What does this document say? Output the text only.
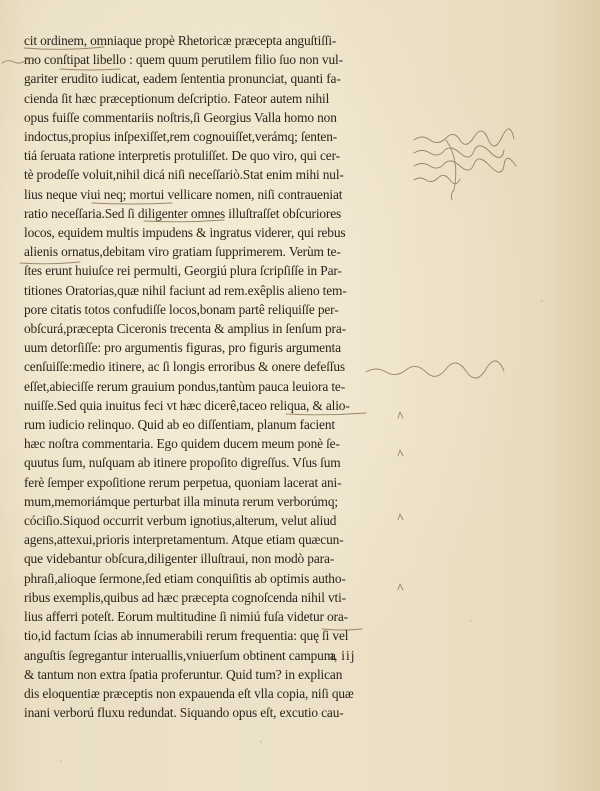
cit ordinem, omniaque propè Rhetoricæ præcepta anguſtiſſi-
mo conſtipat libello : quem quum perutilem filio ſuo non vul-
gariter erudito iudicat, eadem ſententia pronunciat, quanti fa-
cienda ſit hæc præceptionum deſcriptio. Fateor autem nihil
opus fuiſſe commentariis noſtris,ſi Georgius Valla homo non
indoctus,propius inſpexiſſet,rem cognouiſſet,verámq; ſenten-
tiá ſeruata ratione interpretis protuliſſet. De quo viro, qui cer-
tè prodeſſe voluit,nihil dicá niſi neceſſariò.Stat enim mihi nul-
lius neque viui neq; mortui vellicare nomen, niſi contraueniat
ratio neceſſaria.Sed ſi diligenter omnes illuſtraſſet obſcuriores
locos, equidem multis impudens & ingratus viderer, qui rebus
alienis ornatus,debitam viro gratiam ſupprimerem. Verùm te-
ſtes erunt huiuſce rei permulti, Georgiú plura ſcripſiſſe in Par-
titiones Oratorias,quæ nihil faciunt ad rem.exêplis alieno tem-
pore citatis totos confudiſſe locos,bonam partê reliquiſſe per-
obſcurá,præcepta Ciceronis trecenta & amplius in ſenſum pra-
uum detorſiſſe: pro argumentis figuras, pro figuris argumenta
cenſuiſſe:medio itinere, ac ſi longis erroribus & onere defeſſus
eſſet,abieciſſe rerum grauium pondus,tantùm pauca leuiora te-
nuiſſe.Sed quia inuitus feci vt hæc dicerê,taceo reliqua, & alio-
rum iudicio relinquo. Quid ab eo diſſentiam, planum facient
hæc noſtra commentaria. Ego quidem ducem meum ponè ſe-
quutus ſum, nuſquam ab itinere propoſito digreſſus. Vſus ſum
ferè ſemper expoſitione rerum perpetua, quoniam lacerat ani-
mum,memoriámque perturbat illa minuta rerum verborúmq;
cóciſio.Siquod occurrit verbum ignotius,alterum, velut aliud
agens,attexui,prioris interpretamentum. Atque etiam quæcun-
que videbantur obſcura,diligenter illuſtraui, non modò para-
phraſi,alioque ſermone,ſed etiam conquiſitis ab optimis autho-
ribus exemplis,quibus ad hæc præcepta cognoſcenda nihil vti-
lius afferri poteſt. Eorum multitudine ſi nimiú fuſa videtur ora-
tio,id factum ſcias ab innumerabili rerum frequentia: quę ſi vel
anguſtis ſegregantur interuallis,vniuerſum obtinent campum,
& tantum non extra ſpatia proferuntur. Quid tum? in explican
dis eloquentiæ præceptis non expauenda eſt vlla copia, niſi quæ
inani verború fluxu redundat. Siquando opus eſt, excutio cau-
a iij
